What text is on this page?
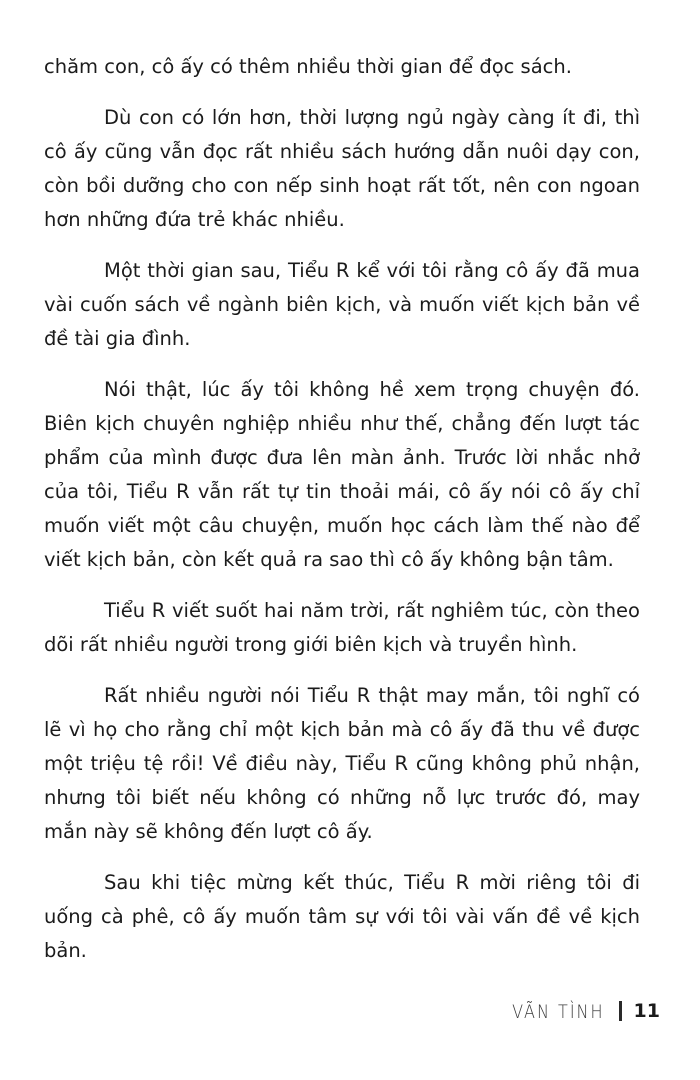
chăm con, cô ấy có thêm nhiều thời gian để đọc sách.

Dù con có lớn hơn, thời lượng ngủ ngày càng ít đi, thì cô ấy cũng vẫn đọc rất nhiều sách hướng dẫn nuôi dạy con, còn bồi dưỡng cho con nếp sinh hoạt rất tốt, nên con ngoan hơn những đứa trẻ khác nhiều.

Một thời gian sau, Tiểu R kể với tôi rằng cô ấy đã mua vài cuốn sách về ngành biên kịch, và muốn viết kịch bản về đề tài gia đình.

Nói thật, lúc ấy tôi không hề xem trọng chuyện đó. Biên kịch chuyên nghiệp nhiều như thế, chẳng đến lượt tác phẩm của mình được đưa lên màn ảnh. Trước lời nhắc nhở của tôi, Tiểu R vẫn rất tự tin thoải mái, cô ấy nói cô ấy chỉ muốn viết một câu chuyện, muốn học cách làm thế nào để viết kịch bản, còn kết quả ra sao thì cô ấy không bận tâm.

Tiểu R viết suốt hai năm trời, rất nghiêm túc, còn theo dõi rất nhiều người trong giới biên kịch và truyền hình.

Rất nhiều người nói Tiểu R thật may mắn, tôi nghĩ có lẽ vì họ cho rằng chỉ một kịch bản mà cô ấy đã thu về được một triệu tệ rồi! Về điều này, Tiểu R cũng không phủ nhận, nhưng tôi biết nếu không có những nỗ lực trước đó, may mắn này sẽ không đến lượt cô ấy.

Sau khi tiệc mừng kết thúc, Tiểu R mời riêng tôi đi uống cà phê, cô ấy muốn tâm sự với tôi vài vấn đề về kịch bản.

VÃN TÌNH 11
